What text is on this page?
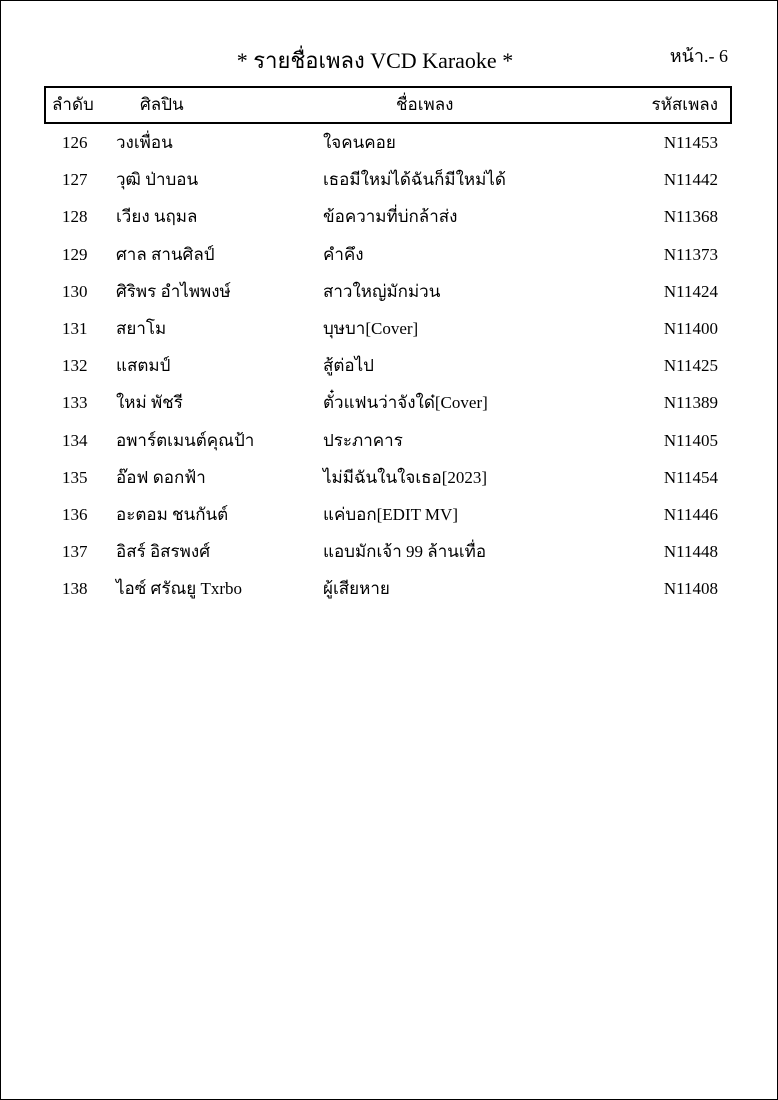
* รายชื่อเพลง VCD Karaoke *	หน้า.- 6
ลำดับ	ศิลปิน	ชื่อเพลง	รหัสเพลง
126 วงเพื่อน	ใจคนคอย	N11453
127 วุฒิ ป่าบอน	เธอมีใหม่ได้ฉันก็มีใหม่ได้	N11442
128 เวียง นฤมล	ข้อความที่บ่กล้าส่ง	N11368
129 ศาล สานศิลป์	คำคึง	N11373
130 ศิริพร อำไพพงษ์	สาวใหญ่มักม่วน	N11424
131 สยาโม	บุษบา[Cover]	N11400
132 แสตมป์	สู้ต่อไป	N11425
133 ใหม่ พัชรี	ตั๋วแฟนว่าจังใด๋[Cover]	N11389
134 อพาร์ตเมนต์คุณป้า	ประภาคาร	N11405
135 อ๊อฟ ดอกฟ้า	ไม่มีฉันในใจเธอ[2023]	N11454
136 อะตอม ชนกันต์	แค่บอก[EDIT MV]	N11446
137 อิสร์ อิสรพงศ์	แอบมักเจ้า 99 ล้านเทื่อ	N11448
138 ไอซ์ ศรัณยู Txrbo	ผู้เสียหาย	N11408
